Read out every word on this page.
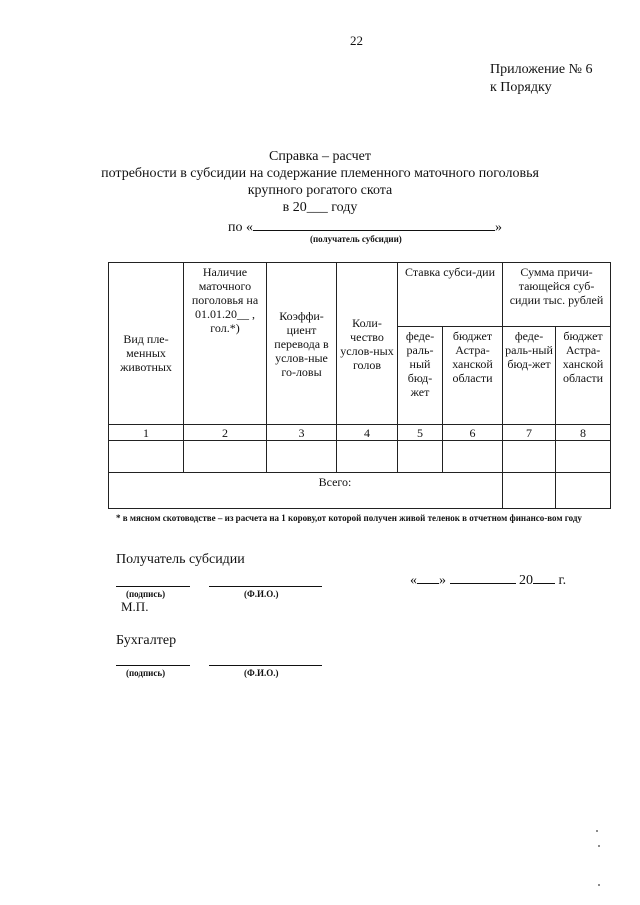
22
Приложение № 6
к Порядку
Справка – расчет
потребности в субсидии на содержание племенного маточного поголовья
крупного рогатого скота
в 20___ году
по «	»
(получатель субсидии)
Вид пле-менных животных	Наличие маточного поголовья на 01.01.20__ , гол.*)	Коэффи-циент перевода в услов-ные го-ловы	Коли-чество услов-ных голов	Ставка субси-дии		Сумма причи-тающейся суб-сидии тыс. рублей	
				феде-раль-ный бюд-жет	бюджет Астра-ханской области	феде-раль-ный бюд-жет	бюджет Астра-ханской области
1	2	3	4	5	6	7	8

Всего:							
* в мясном скотоводстве – из расчета на 1 корову,от которой получен живой теленок в отчетном финансо-вом году
Получатель субсидии
(подпись)	(Ф.И.О.)
М.П.
« »	20 г.
Бухгалтер
(подпись)	(Ф.И.О.)
